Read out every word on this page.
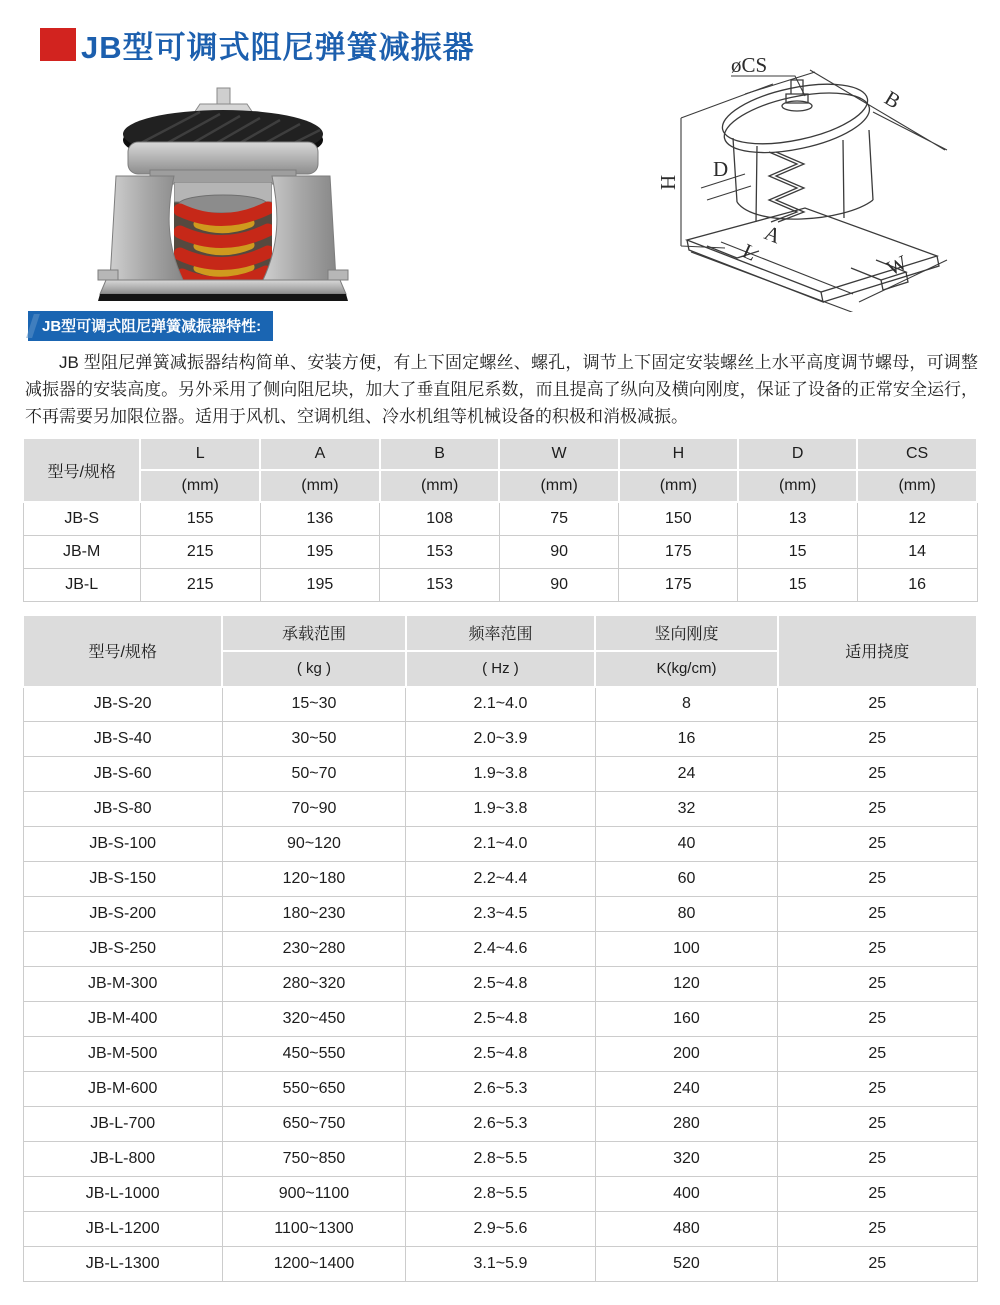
JB型可调式阻尼弹簧减振器	øCS
B
H
D
A
L	W
JB型可调式阻尼弹簧减振器特性:

JB 型阻尼弹簧减振器结构简单、安装方便，有上下固定螺丝、螺孔，调节上下固定安装螺丝上水平高度调节螺母，可调整减振器的安装高度。另外采用了侧向阻尼块，加大了垂直阻尼系数，而且提高了纵向及横向刚度，保证了设备的正常安全运行，不再需要另加限位器。适用于风机、空调机组、冷水机组等机械设备的积极和消极减振。

型号/规格	L	A	B	W	H	D	CS
	(mm)	(mm)	(mm)	(mm)	(mm)	(mm)	(mm)
JB-S	155	136	108	75	150	13	12
JB-M	215	195	153	90	175	15	14
JB-L	215	195	153	90	175	15	16
型号/规格	承载范围	频率范围	竖向刚度	适用挠度
	( kg )	( Hz )	K(kg/cm)	
JB-S-20	15~30	2.1~4.0	8	25
JB-S-40	30~50	2.0~3.9	16	25
JB-S-60	50~70	1.9~3.8	24	25
JB-S-80	70~90	1.9~3.8	32	25
JB-S-100	90~120	2.1~4.0	40	25
JB-S-150	120~180	2.2~4.4	60	25
JB-S-200	180~230	2.3~4.5	80	25
JB-S-250	230~280	2.4~4.6	100	25
JB-M-300	280~320	2.5~4.8	120	25
JB-M-400	320~450	2.5~4.8	160	25
JB-M-500	450~550	2.5~4.8	200	25
JB-M-600	550~650	2.6~5.3	240	25
JB-L-700	650~750	2.6~5.3	280	25
JB-L-800	750~850	2.8~5.5	320	25
JB-L-1000	900~1100	2.8~5.5	400	25
JB-L-1200	1100~1300	2.9~5.6	480	25
JB-L-1300	1200~1400	3.1~5.9	520	25
